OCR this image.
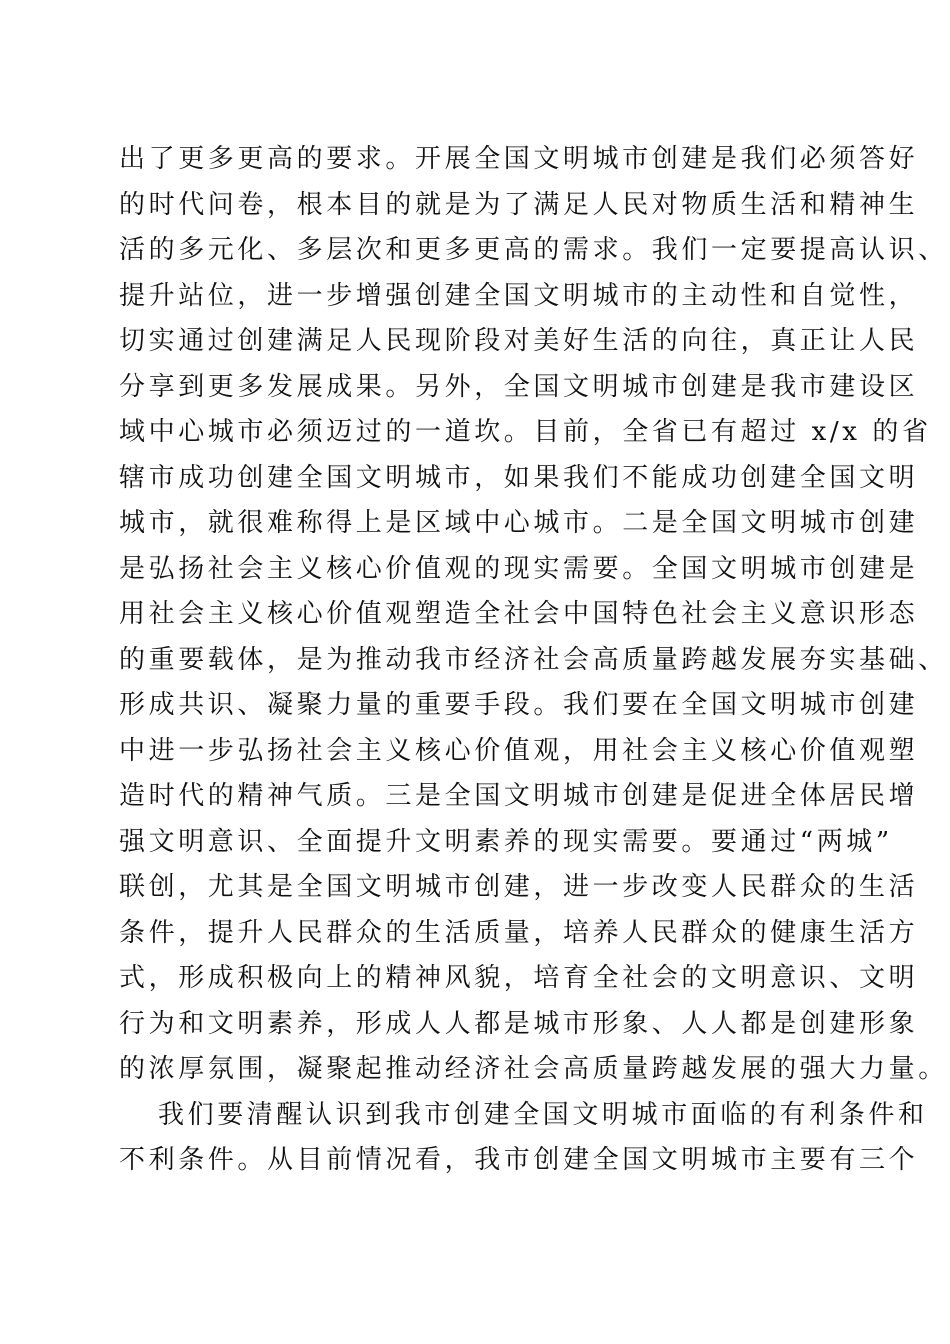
出了更多更高的要求。开展全国文明城市创建是我们必须答好
的时代问卷，根本目的就是为了满足人民对物质生活和精神生
活的多元化、多层次和更多更高的需求。我们一定要提高认识、
提升站位，进一步增强创建全国文明城市的主动性和自觉性，
切实通过创建满足人民现阶段对美好生活的向往，真正让人民
分享到更多发展成果。另外，全国文明城市创建是我市建设区
域中心城市必须迈过的一道坎。目前，全省已有超过 x/x 的省
辖市成功创建全国文明城市，如果我们不能成功创建全国文明
城市，就很难称得上是区域中心城市。二是全国文明城市创建
是弘扬社会主义核心价值观的现实需要。全国文明城市创建是
用社会主义核心价值观塑造全社会中国特色社会主义意识形态
的重要载体，是为推动我市经济社会高质量跨越发展夯实基础、
形成共识、凝聚力量的重要手段。我们要在全国文明城市创建
中进一步弘扬社会主义核心价值观，用社会主义核心价值观塑
造时代的精神气质。三是全国文明城市创建是促进全体居民增
强文明意识、全面提升文明素养的现实需要。要通过“两城”
联创，尤其是全国文明城市创建，进一步改变人民群众的生活
条件，提升人民群众的生活质量，培养人民群众的健康生活方
式，形成积极向上的精神风貌，培育全社会的文明意识、文明
行为和文明素养，形成人人都是城市形象、人人都是创建形象
的浓厚氛围，凝聚起推动经济社会高质量跨越发展的强大力量。
我们要清醒认识到我市创建全国文明城市面临的有利条件和
不利条件。从目前情况看，我市创建全国文明城市主要有三个
